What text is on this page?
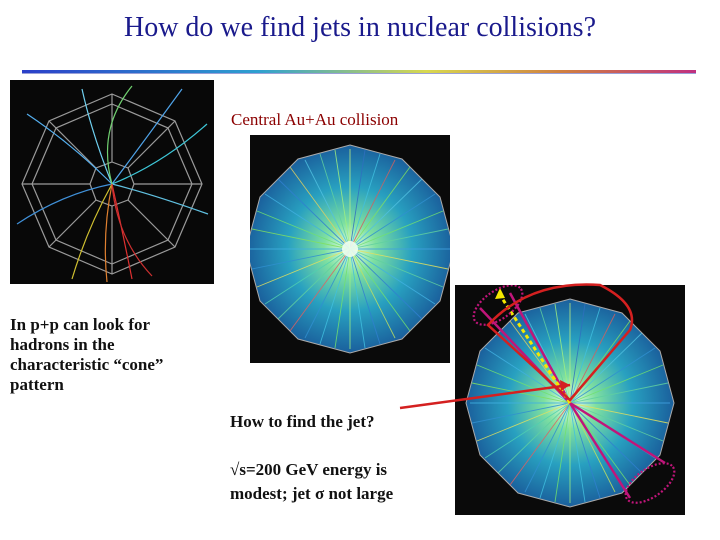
How do we find jets in nuclear collisions?
In p+p can look for
hadrons in the
characteristic “cone”
pattern
Central Au+Au collision
How to find the jet?
√s=200 GeV energy is
modest; jet σ not large
